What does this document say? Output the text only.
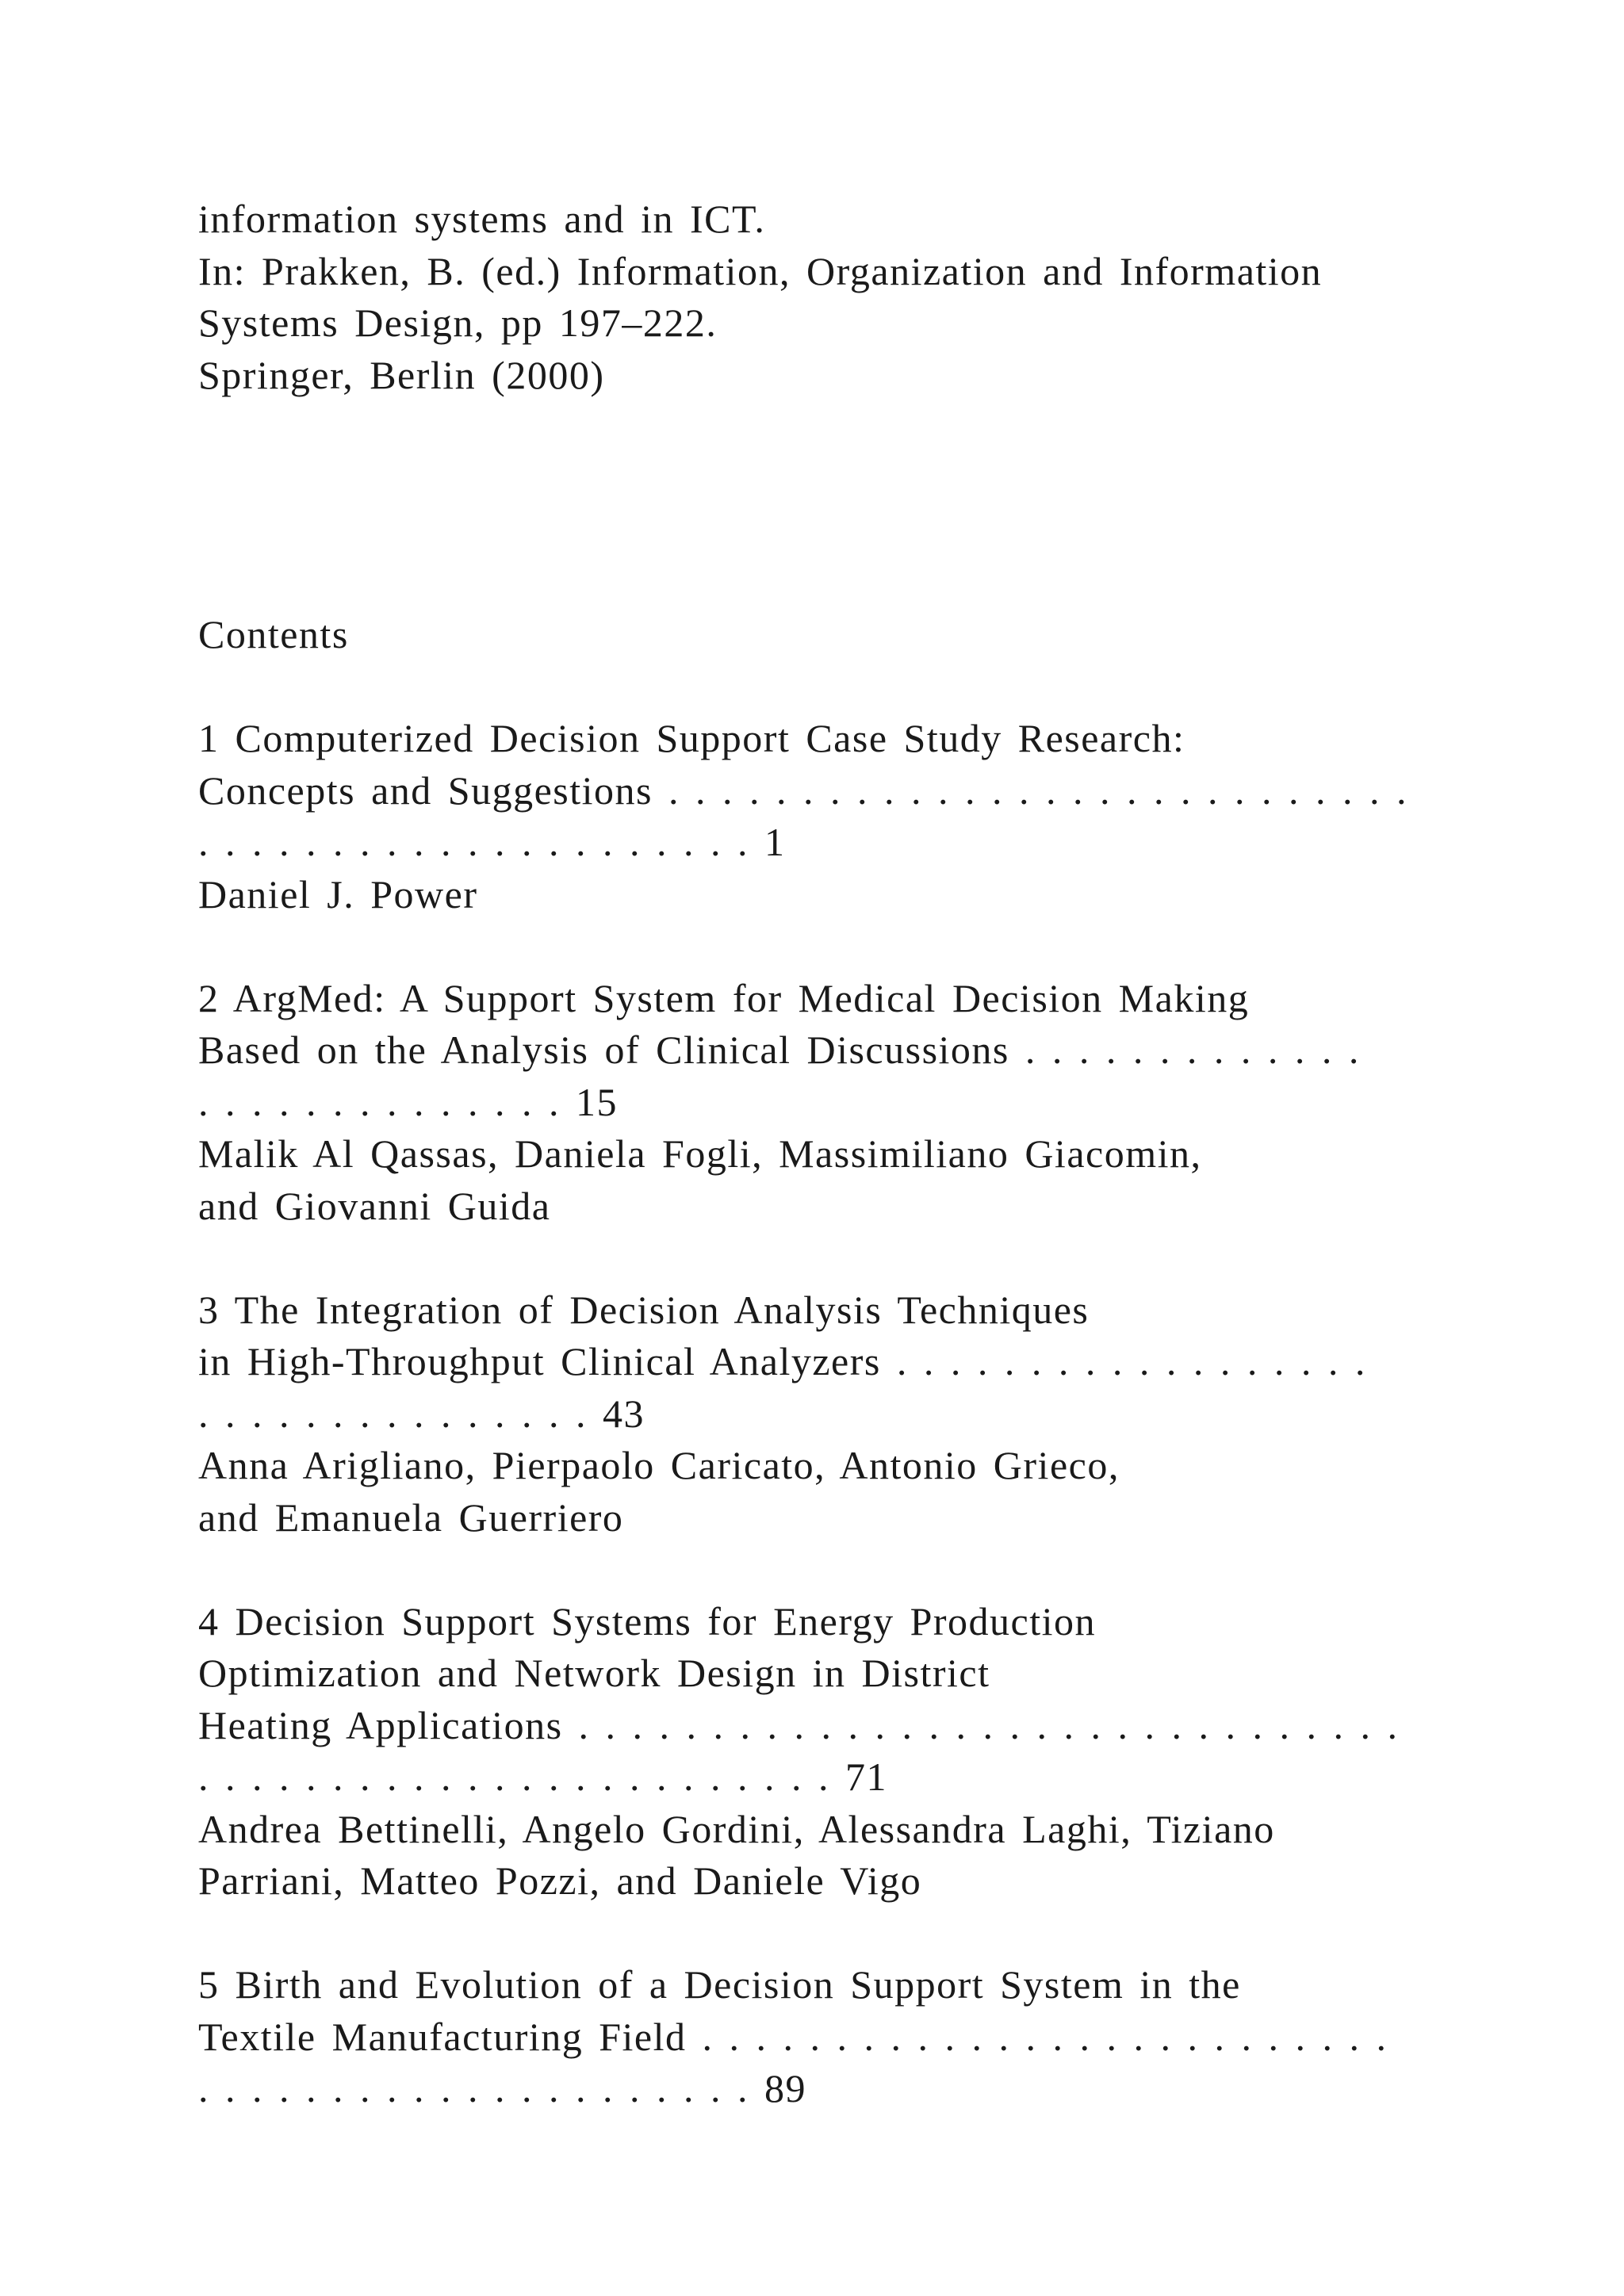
information systems and in ICT.
In: Prakken, B. (ed.) Information, Organization and Information
Systems Design, pp 197–222.
Springer, Berlin (2000)
Contents
1 Computerized Decision Support Case Study Research:
Concepts and Suggestions . . . . . . . . . . . . . . . . . . . . . . . . . . . .
. . . . . . . . . . . . . . . . . . . . . 1
Daniel J. Power
2 ArgMed: A Support System for Medical Decision Making
Based on the Analysis of Clinical Discussions . . . . . . . . . . . . .
. . . . . . . . . . . . . . 15
Malik Al Qassas, Daniela Fogli, Massimiliano Giacomin,
and Giovanni Guida
3 The Integration of Decision Analysis Techniques
in High-Throughput Clinical Analyzers . . . . . . . . . . . . . . . . . .
. . . . . . . . . . . . . . . 43
Anna Arigliano, Pierpaolo Caricato, Antonio Grieco,
and Emanuela Guerriero
4 Decision Support Systems for Energy Production
Optimization and Network Design in District
Heating Applications . . . . . . . . . . . . . . . . . . . . . . . . . . . . . . .
. . . . . . . . . . . . . . . . . . . . . . . . 71
Andrea Bettinelli, Angelo Gordini, Alessandra Laghi, Tiziano
Parriani, Matteo Pozzi, and Daniele Vigo
5 Birth and Evolution of a Decision Support System in the
Textile Manufacturing Field . . . . . . . . . . . . . . . . . . . . . . . . . .
. . . . . . . . . . . . . . . . . . . . . 89
